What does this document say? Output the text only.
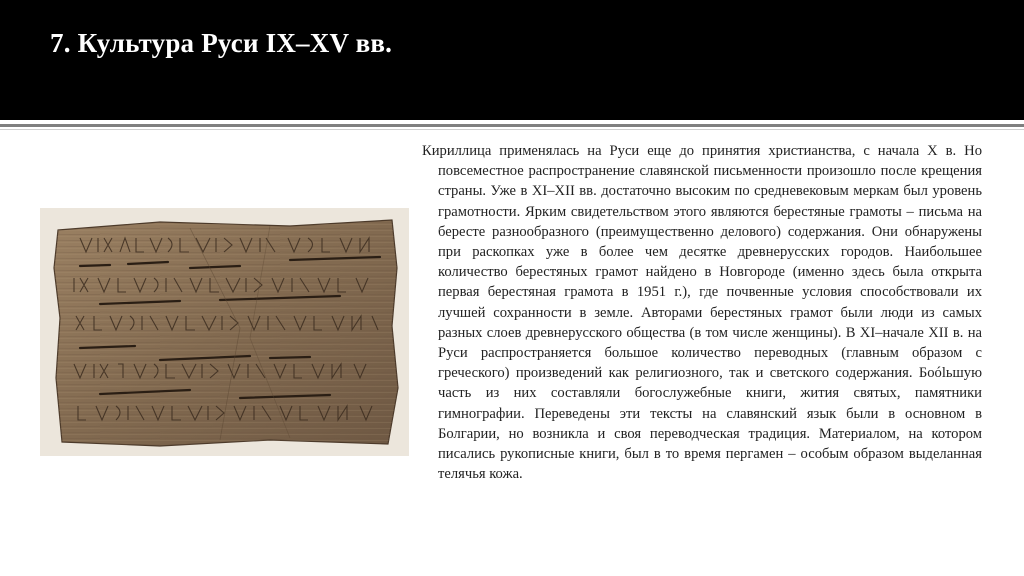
7. Культура Руси IX–XV вв.

Кириллица применялась на Руси еще до принятия христианства, с начала X в. Но повсеместное распространение славянской письменности произошло после крещения страны. Уже в XI–XII вв. достаточно высоким по средневековым меркам был уровень грамотности. Ярким свидетельством этого являются берестяные грамоты – письма на бересте разнообразного (преимущественно делового) содержания. Они обнаружены при раскопках уже в более чем десятке древнерусских городов. Наибольшее количество берестяных грамот найдено в Новгороде (именно здесь была открыта первая берестяная грамота в 1951 г.), где почвенные условия способствовали их лучшей сохранности в земле. Авторами берестяных грамот были люди из самых разных слоев древнерусского общества (в том числе женщины). В XI–начале XII в. на Руси распространяется большое количество переводных (главным образом с греческого) произведений как религиозного, так и светского содержания. Боólьшую часть из них составляли богослужебные книги, жития святых, памятники гимнографии. Переведены эти тексты на славянский язык были в основном в Болгарии, но возникла и своя переводческая традиция. Материалом, на котором писались рукописные книги, был в то время пергамен – особым образом выделанная телячья кожа.
